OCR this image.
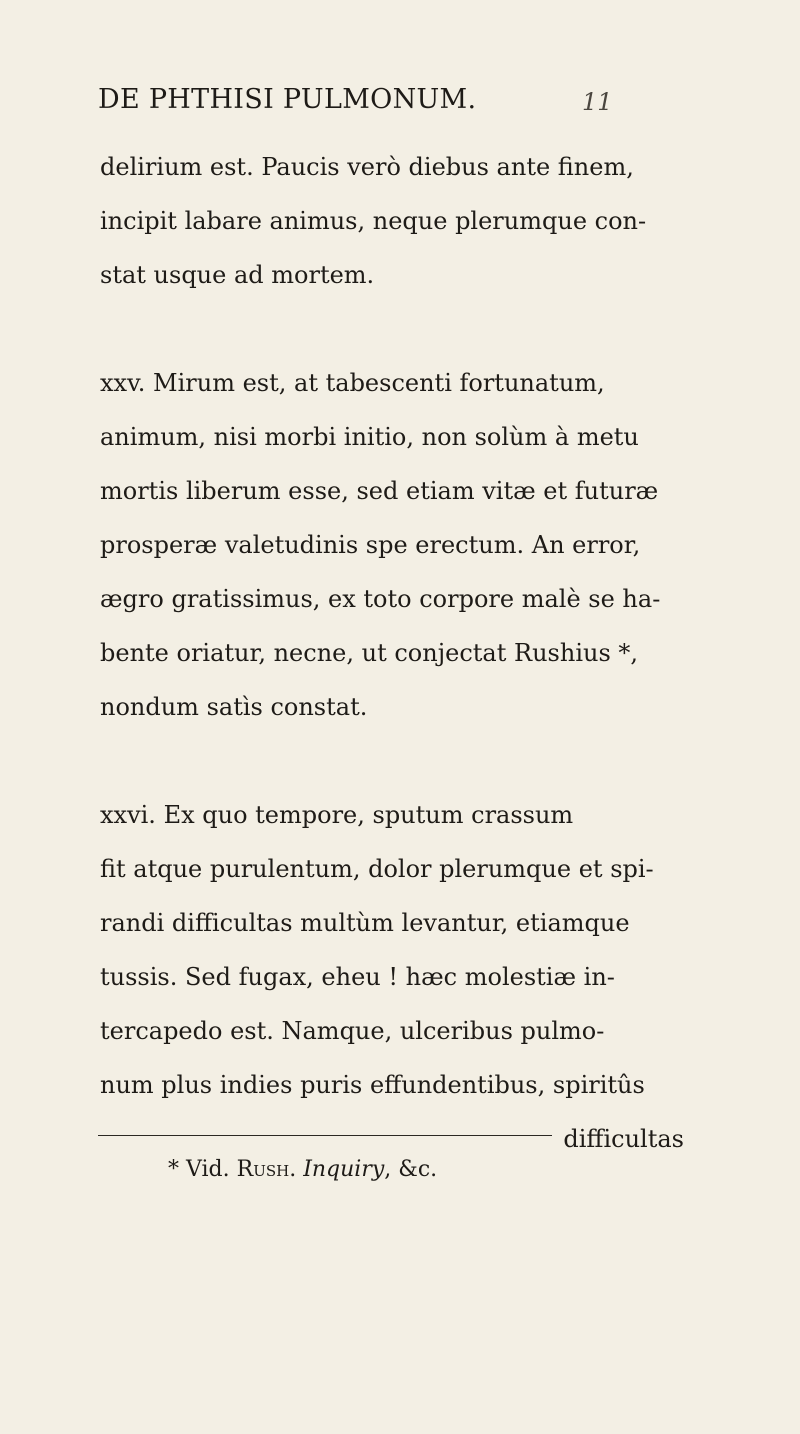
DE PHTHISI PULMONUM.	11
delirium est. Paucis verò diebus ante finem,
incipit labare animus, neque plerumque con-
stat usque ad mortem.
xxv. Mirum est, at tabescenti fortunatum,
animum, nisi morbi initio, non solùm à metu
mortis liberum esse, sed etiam vitæ et futuræ
prosperæ valetudinis spe erectum. An error,
ægro gratissimus, ex toto corpore malè se ha-
bente oriatur, necne, ut conjectat Rushius *,
nondum satìs constat.
xxvi. Ex quo tempore, sputum crassum
fit atque purulentum, dolor plerumque et spi-
randi difficultas multùm levantur, etiamque
tussis. Sed fugax, eheu ! hæc molestiæ in-
tercapedo est. Namque, ulceribus pulmo-
num plus indies puris effundentibus, spiritûs
difficultas
* Vid. Rush. Inquiry, &c.
